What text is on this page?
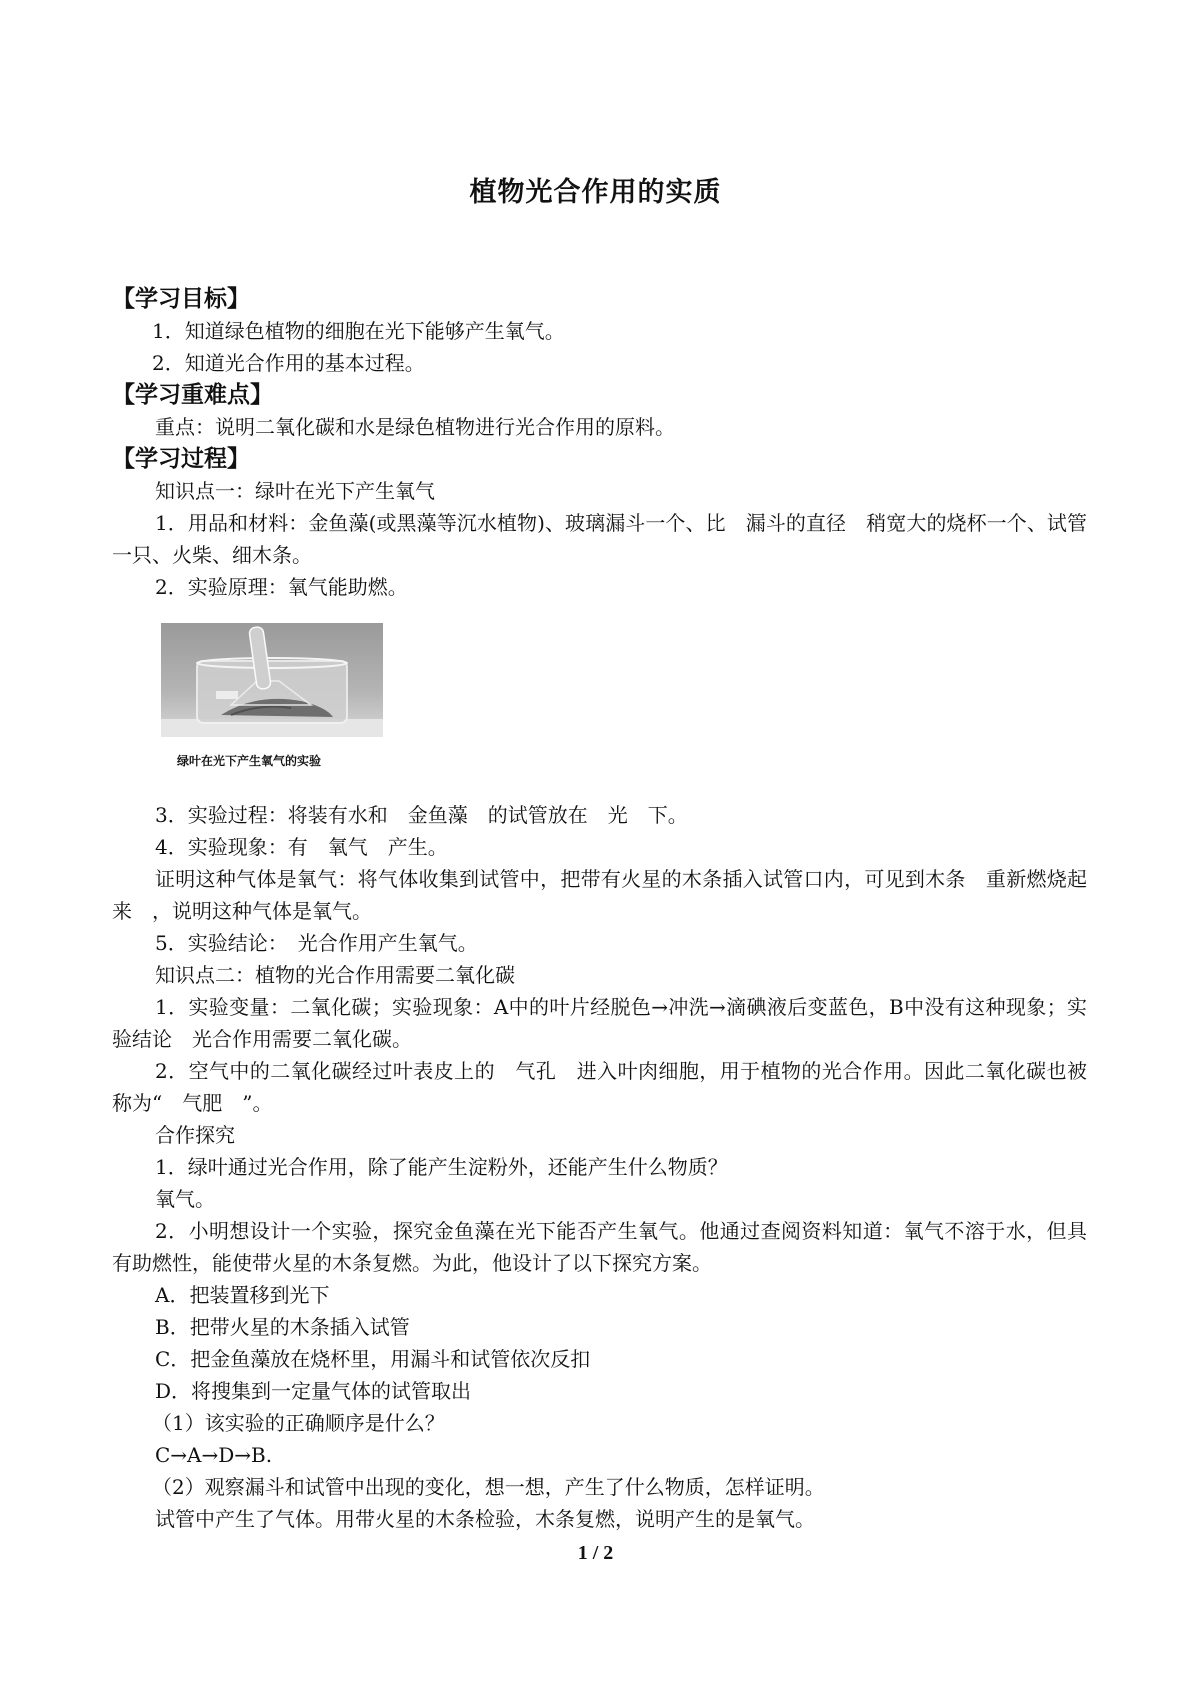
植物光合作用的实质

【学习目标】

1．知道绿色植物的细胞在光下能够产生氧气。

2．知道光合作用的基本过程。

【学习重难点】

重点：说明二氧化碳和水是绿色植物进行光合作用的原料。

【学习过程】

知识点一：绿叶在光下产生氧气

1．用品和材料：金鱼藻(或黑藻等沉水植物)、玻璃漏斗一个、比　漏斗的直径　稍宽大的烧杯一个、试管一只、火柴、细木条。

2．实验原理：氧气能助燃。

绿叶在光下产生氧气的实验

3．实验过程：将装有水和　金鱼藻　的试管放在　光　下。

4．实验现象：有　氧气　产生。

证明这种气体是氧气：将气体收集到试管中，把带有火星的木条插入试管口内，可见到木条　重新燃烧起来　，说明这种气体是氧气。

5．实验结论：　光合作用产生氧气。

知识点二：植物的光合作用需要二氧化碳

1．实验变量：二氧化碳；实验现象：A中的叶片经脱色→冲洗→滴碘液后变蓝色，B中没有这种现象；实验结论　光合作用需要二氧化碳。

2．空气中的二氧化碳经过叶表皮上的　气孔　进入叶肉细胞，用于植物的光合作用。因此二氧化碳也被称为“　气肥　”。

合作探究

1．绿叶通过光合作用，除了能产生淀粉外，还能产生什么物质？

氧气。

2．小明想设计一个实验，探究金鱼藻在光下能否产生氧气。他通过查阅资料知道：氧气不溶于水，但具有助燃性，能使带火星的木条复燃。为此，他设计了以下探究方案。

A．把装置移到光下

B．把带火星的木条插入试管

C．把金鱼藻放在烧杯里，用漏斗和试管依次反扣

D．将搜集到一定量气体的试管取出

（1）该实验的正确顺序是什么？

C→A→D→B.

（2）观察漏斗和试管中出现的变化，想一想，产生了什么物质，怎样证明。

试管中产生了气体。用带火星的木条检验，木条复燃，说明产生的是氧气。

1 / 2
